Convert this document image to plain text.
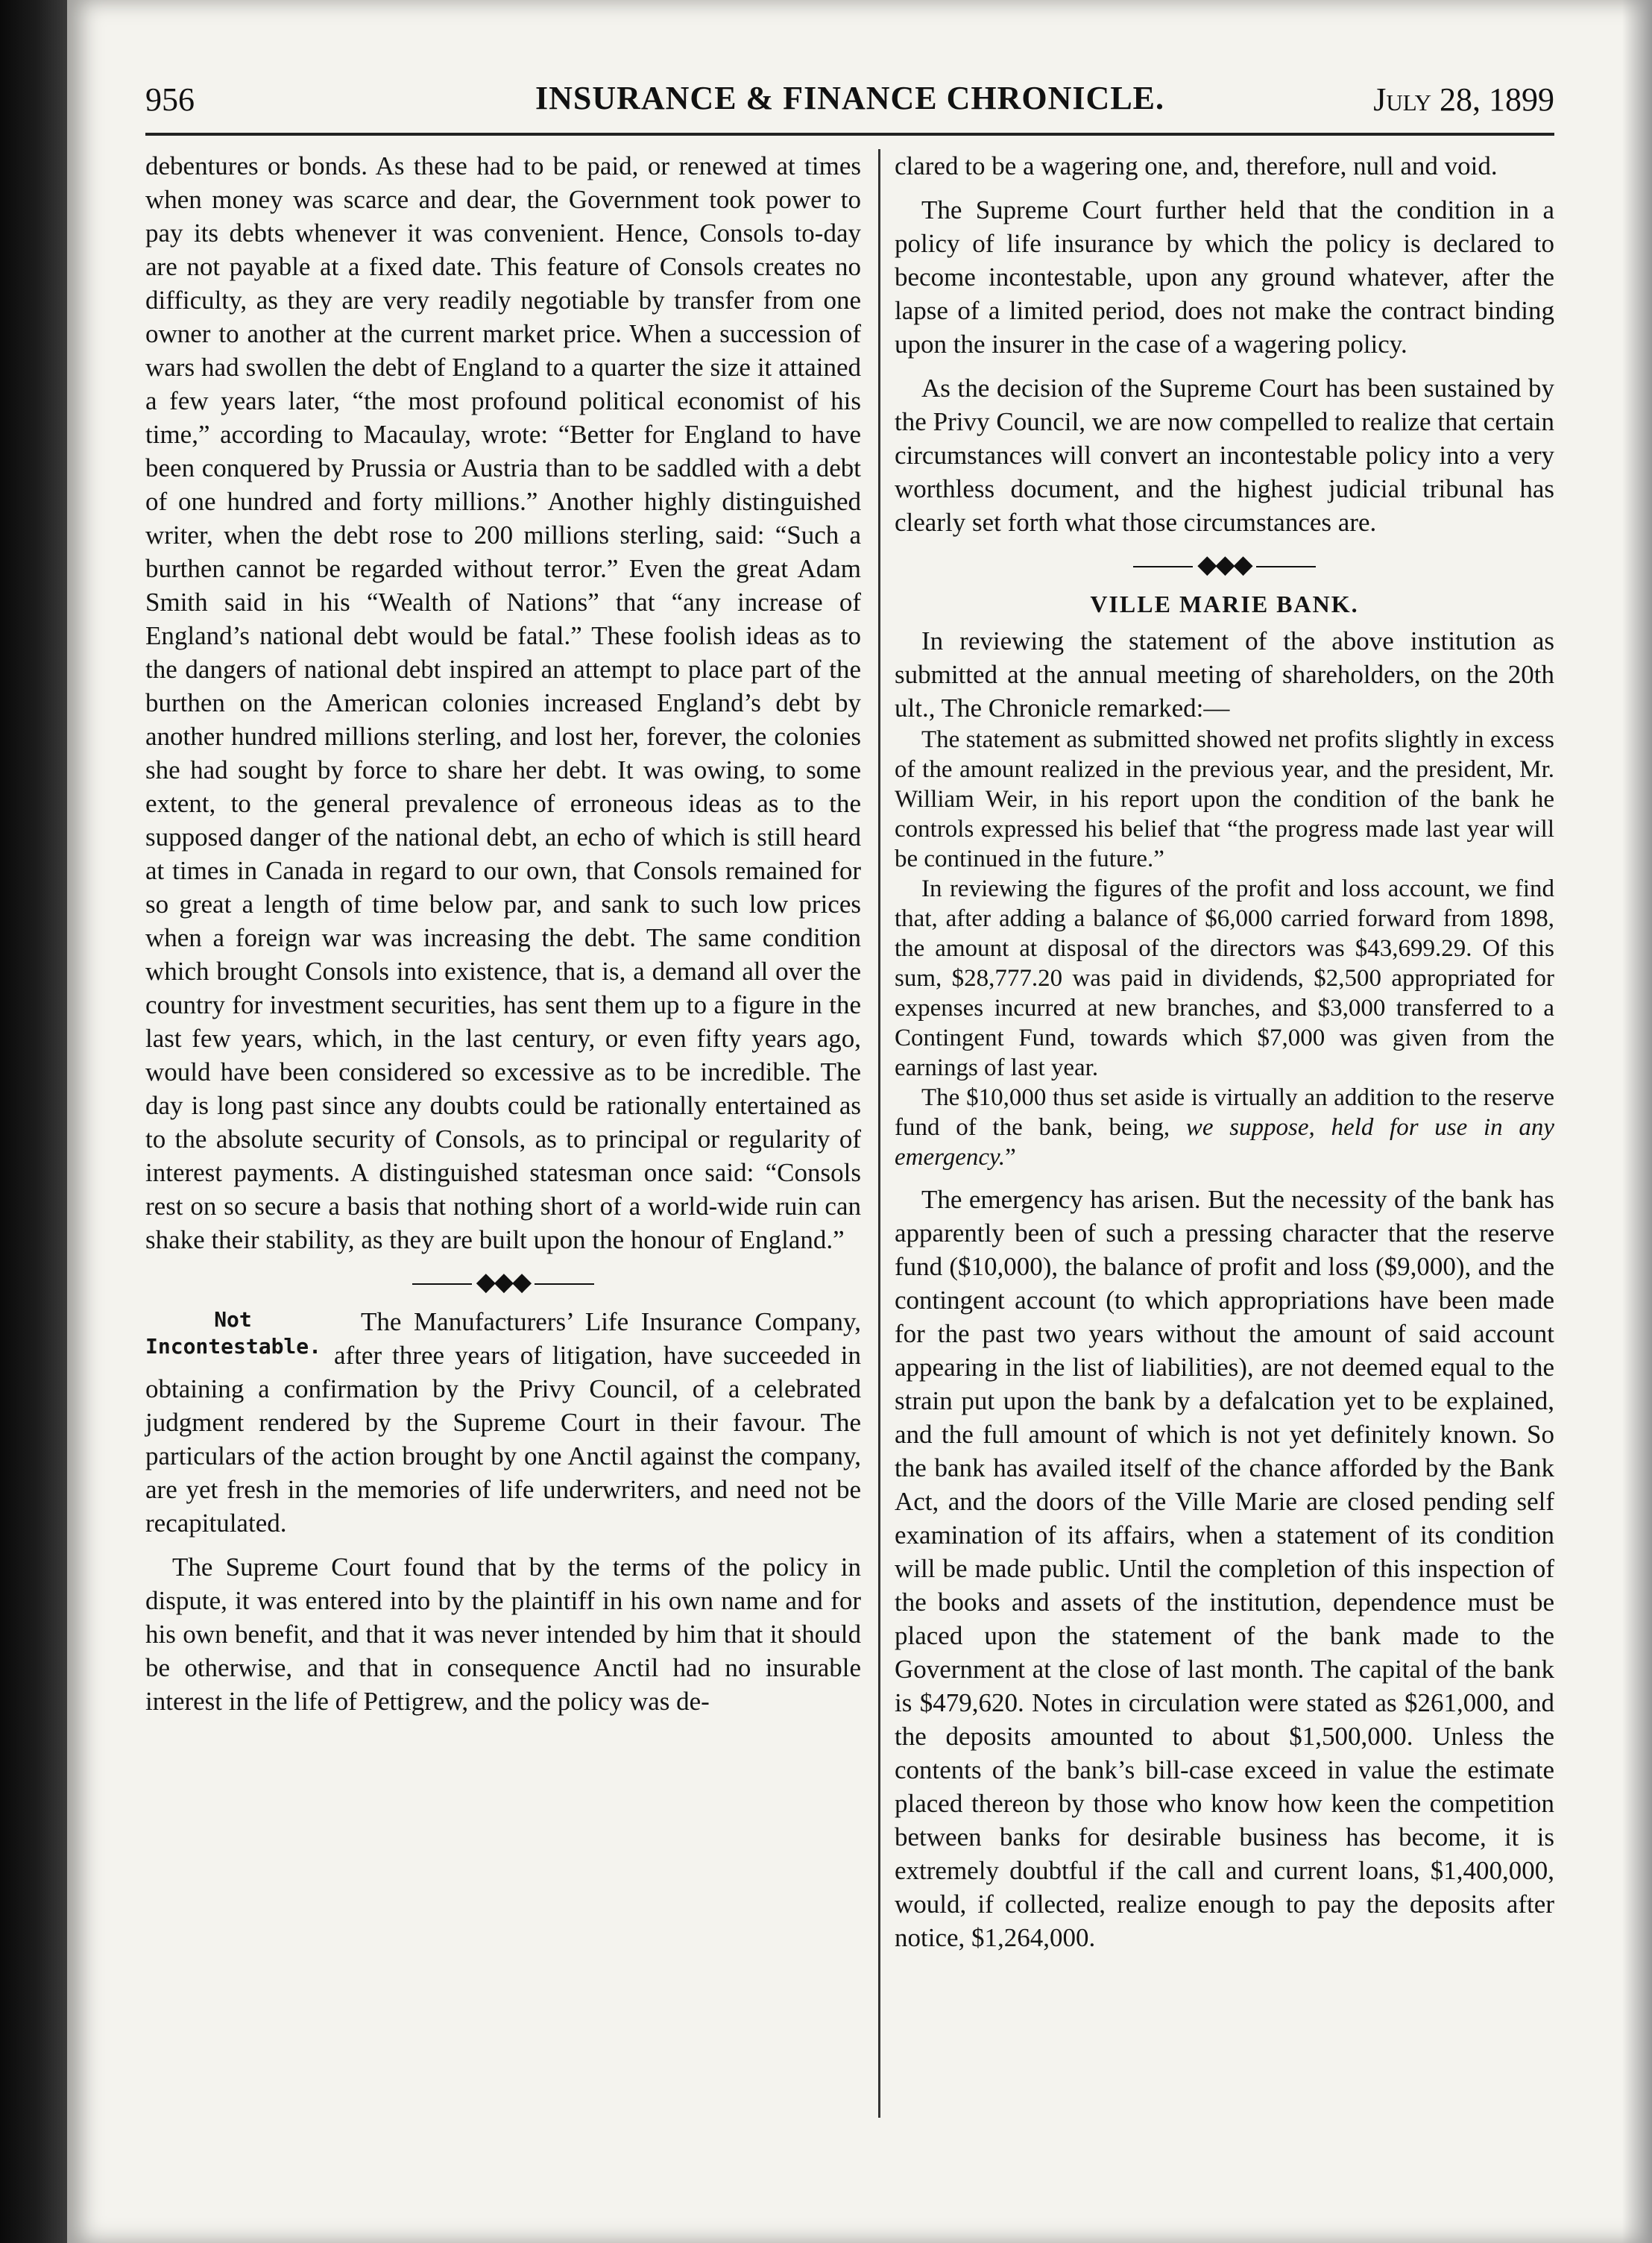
956	INSURANCE & FINANCE CHRONICLE.	July 28, 1899

debentures or bonds. As these had to be paid, or renewed at times when money was scarce and dear, the Government took power to pay its debts whenever it was convenient. Hence, Consols to-day are not payable at a fixed date. This feature of Consols creates no difficulty, as they are very readily negotiable by transfer from one owner to another at the current market price. When a succession of wars had swollen the debt of England to a quarter the size it attained a few years later, “the most profound political economist of his time,” according to Macaulay, wrote: “Better for England to have been conquered by Prussia or Austria than to be saddled with a debt of one hundred and forty millions.” Another highly distinguished writer, when the debt rose to 200 millions sterling, said: “Such a burthen cannot be regarded without terror.” Even the great Adam Smith said in his “Wealth of Nations” that “any increase of England’s national debt would be fatal.” These foolish ideas as to the dangers of national debt inspired an attempt to place part of the burthen on the American colonies increased England’s debt by another hundred millions sterling, and lost her, forever, the colonies she had sought by force to share her debt. It was owing, to some extent, to the general prevalence of erroneous ideas as to the supposed danger of the national debt, an echo of which is still heard at times in Canada in regard to our own, that Consols remained for so great a length of time below par, and sank to such low prices when a foreign war was increasing the debt. The same condition which brought Consols into existence, that is, a demand all over the country for investment securities, has sent them up to a figure in the last few years, which, in the last century, or even fifty years ago, would have been considered so excessive as to be incredible. The day is long past since any doubts could be rationally entertained as to the absolute security of Consols, as to principal or regularity of interest payments. A distinguished statesman once said: “Consols rest on so secure a basis that nothing short of a world-wide ruin can shake their stability, as they are built upon the honour of England.”

◆◆◆
Not Incontestable.

The Manufacturers’ Life Insurance Company, after three years of litigation, have succeeded in obtaining a confirmation by the Privy Council, of a celebrated judgment rendered by the Supreme Court in their favour. The particulars of the action brought by one Anctil against the company, are yet fresh in the memories of life underwriters, and need not be recapitulated.

The Supreme Court found that by the terms of the policy in dispute, it was entered into by the plaintiff in his own name and for his own benefit, and that it was never intended by him that it should be otherwise, and that in consequence Anctil had no insurable interest in the life of Pettigrew, and the policy was de-

clared to be a wagering one, and, therefore, null and void.

The Supreme Court further held that the condition in a policy of life insurance by which the policy is declared to become incontestable, upon any ground whatever, after the lapse of a limited period, does not make the contract binding upon the insurer in the case of a wagering policy.

As the decision of the Supreme Court has been sustained by the Privy Council, we are now compelled to realize that certain circumstances will convert an incontestable policy into a very worthless document, and the highest judicial tribunal has clearly set forth what those circumstances are.

◆◆◆
VILLE MARIE BANK.

In reviewing the statement of the above institution as submitted at the annual meeting of shareholders, on the 20th ult., The Chronicle remarked:—

The statement as submitted showed net profits slightly in excess of the amount realized in the previous year, and the president, Mr. William Weir, in his report upon the condition of the bank he controls expressed his belief that “the progress made last year will be continued in the future.”

In reviewing the figures of the profit and loss account, we find that, after adding a balance of $6,000 carried forward from 1898, the amount at disposal of the directors was $43,699.29. Of this sum, $28,777.20 was paid in dividends, $2,500 appropriated for expenses incurred at new branches, and $3,000 transferred to a Contingent Fund, towards which $7,000 was given from the earnings of last year.

The $10,000 thus set aside is virtually an addition to the reserve fund of the bank, being, we suppose, held for use in any emergency.”

The emergency has arisen. But the necessity of the bank has apparently been of such a pressing character that the reserve fund ($10,000), the balance of profit and loss ($9,000), and the contingent account (to which appropriations have been made for the past two years without the amount of said account appearing in the list of liabilities), are not deemed equal to the strain put upon the bank by a defalcation yet to be explained, and the full amount of which is not yet definitely known. So the bank has availed itself of the chance afforded by the Bank Act, and the doors of the Ville Marie are closed pending self examination of its affairs, when a statement of its condition will be made public. Until the completion of this inspection of the books and assets of the institution, dependence must be placed upon the statement of the bank made to the Government at the close of last month. The capital of the bank is $479,620. Notes in circulation were stated as $261,000, and the deposits amounted to about $1,500,000. Unless the contents of the bank’s bill-case exceed in value the estimate placed thereon by those who know how keen the competition between banks for desirable business has become, it is extremely doubtful if the call and current loans, $1,400,000, would, if collected, realize enough to pay the deposits after notice, $1,264,000.
